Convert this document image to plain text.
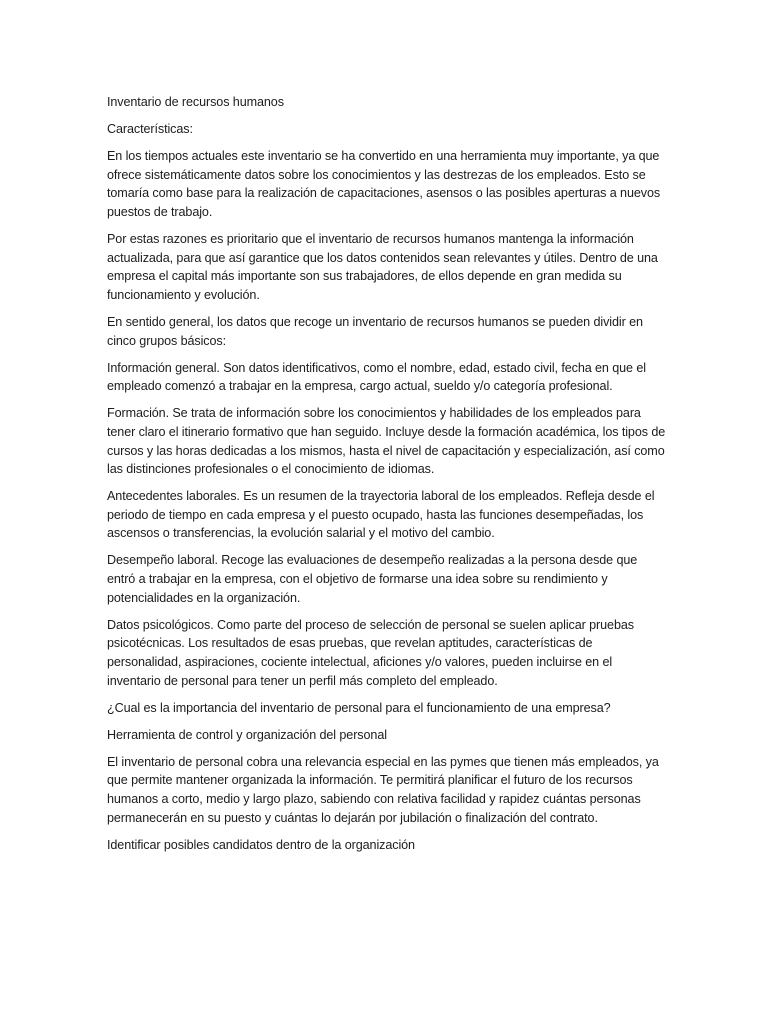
Inventario de recursos humanos

Características:

En los tiempos actuales este inventario se ha convertido en una herramienta muy importante, ya que ofrece sistemáticamente datos sobre los conocimientos y las destrezas de los empleados. Esto se tomaría como base para la realización de capacitaciones, asensos o las posibles aperturas a nuevos puestos de trabajo.

Por estas razones es prioritario que el inventario de recursos humanos mantenga la información actualizada, para que así garantice que los datos contenidos sean relevantes y útiles. Dentro de una empresa el capital más importante son sus trabajadores, de ellos depende en gran medida su funcionamiento y evolución.

En sentido general, los datos que recoge un inventario de recursos humanos se pueden dividir en cinco grupos básicos:

Información general. Son datos identificativos, como el nombre, edad, estado civil, fecha en que el empleado comenzó a trabajar en la empresa, cargo actual, sueldo y/o categoría profesional.

Formación. Se trata de información sobre los conocimientos y habilidades de los empleados para tener claro el itinerario formativo que han seguido. Incluye desde la formación académica, los tipos de cursos y las horas dedicadas a los mismos, hasta el nivel de capacitación y especialización, así como las distinciones profesionales o el conocimiento de idiomas.

Antecedentes laborales. Es un resumen de la trayectoria laboral de los empleados. Refleja desde el periodo de tiempo en cada empresa y el puesto ocupado, hasta las funciones desempeñadas, los ascensos o transferencias, la evolución salarial y el motivo del cambio.

Desempeño laboral. Recoge las evaluaciones de desempeño realizadas a la persona desde que entró a trabajar en la empresa, con el objetivo de formarse una idea sobre su rendimiento y potencialidades en la organización.

Datos psicológicos. Como parte del proceso de selección de personal se suelen aplicar pruebas psicotécnicas. Los resultados de esas pruebas, que revelan aptitudes, características de personalidad, aspiraciones, cociente intelectual, aficiones y/o valores, pueden incluirse en el inventario de personal para tener un perfil más completo del empleado.

¿Cual es la importancia del inventario de personal para el funcionamiento de una empresa?

Herramienta de control y organización del personal

El inventario de personal cobra una relevancia especial en las pymes que tienen más empleados, ya que permite mantener organizada la información. Te permitirá planificar el futuro de los recursos humanos a corto, medio y largo plazo, sabiendo con relativa facilidad y rapidez cuántas personas permanecerán en su puesto y cuántas lo dejarán por jubilación o finalización del contrato.

Identificar posibles candidatos dentro de la organización
